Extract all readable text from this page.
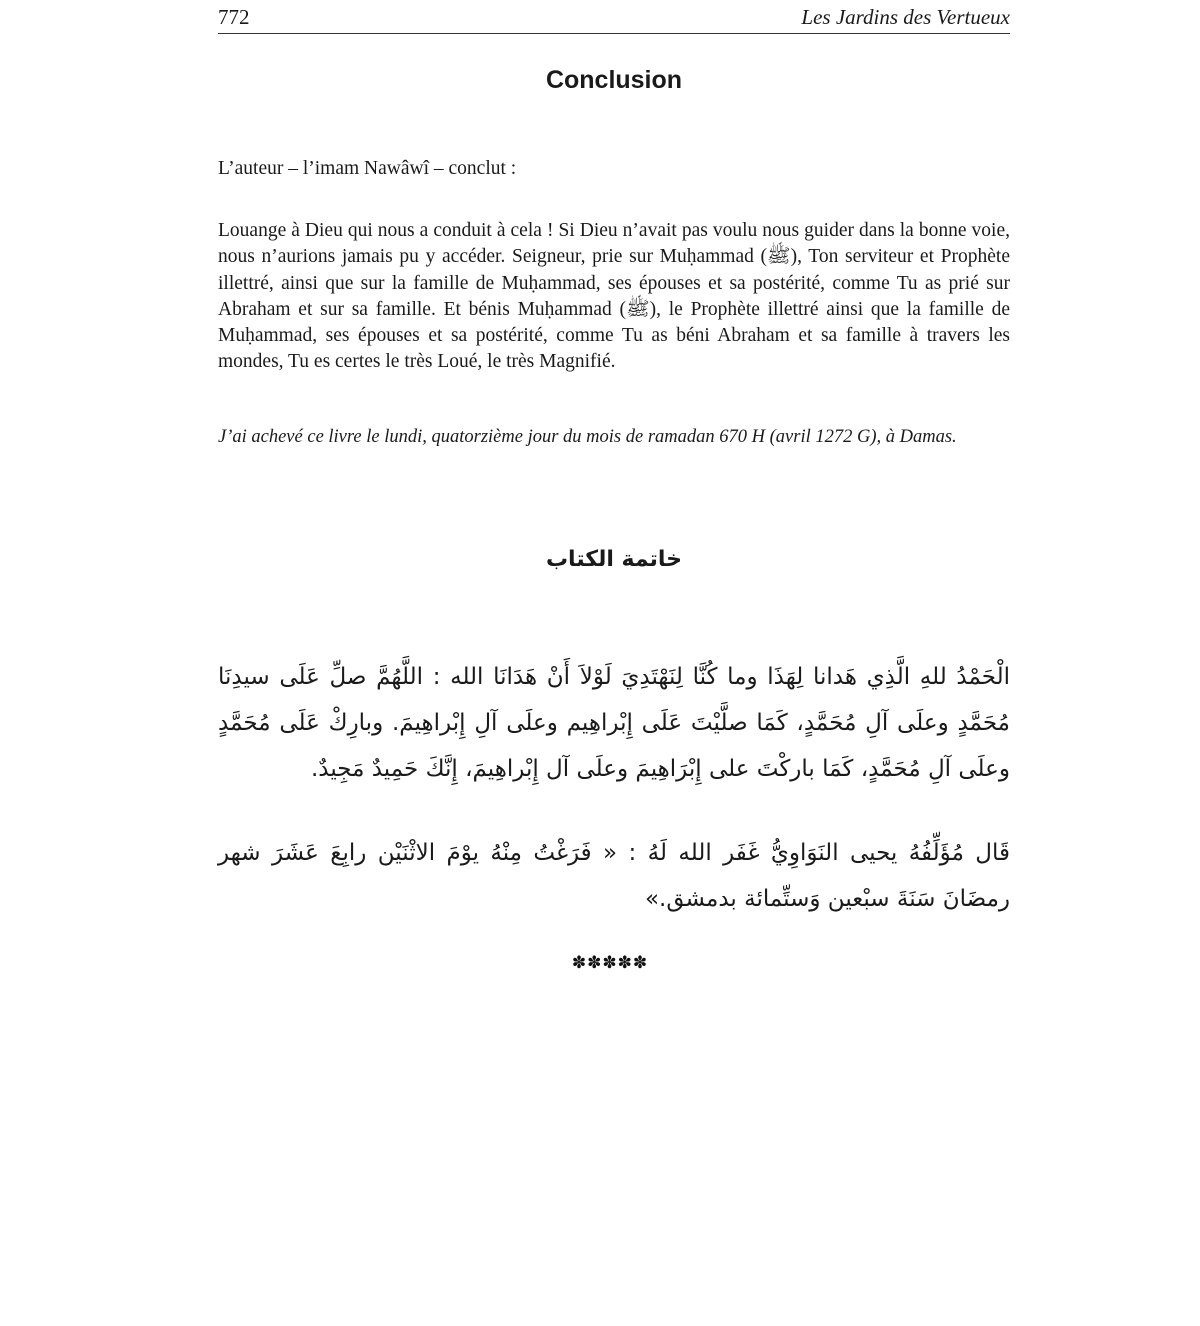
772	Les Jardins des Vertueux
Conclusion

L’auteur – l’imam Nawâwî – conclut :

Louange à Dieu qui nous a conduit à cela ! Si Dieu n’avait pas voulu nous guider dans la bonne voie, nous n’aurions jamais pu y accéder. Seigneur, prie sur Muḥammad (ﷺ), Ton serviteur et Prophète illettré, ainsi que sur la famille de Muḥammad, ses épouses et sa postérité, comme Tu as prié sur Abraham et sur sa famille. Et bénis Muḥammad (ﷺ), le Prophète illettré ainsi que la famille de Muḥammad, ses épouses et sa postérité, comme Tu as béni Abraham et sa famille à travers les mondes, Tu es certes le très Loué, le très Magnifié.

J’ai achevé ce livre le lundi, quatorzième jour du mois de ramadan 670 H (avril 1272 G), à Damas.

خاتمة الكتاب

الْحَمْدُ للهِ الَّذِي هَدانا لِهَذَا وما كُنَّا لِنَهْتَدِيَ لَوْلاَ أَنْ هَدَانَا الله : اللَّهُمَّ صلِّ عَلَى سيدِنَا مُحَمَّدٍ وعلَى آلِ مُحَمَّدٍ، كَمَا صلَّيْتَ عَلَى إِبْراهِيم وعلَى آلِ إِبْراهِيمَ. وبارِكْ عَلَى مُحَمَّدٍ وعلَى آلِ مُحَمَّدٍ، كَمَا باركْتَ على إِبْرَاهِيمَ وعلَى آل إِبْراهِيمَ، إِنَّكَ حَمِيدٌ مَجِيدٌ.

قَال مُؤَلِّفُهُ يحيى النَوَاوِيُّ غَفَر الله لَهُ : « فَرَغْتُ مِنْهُ يوْمَ الاثْنَيْن رابِعَ عَشَرَ شهر رمضَانَ سَنَةَ سبْعين وَستِّمائة بدمشق.»

✽✽✽✽✽
